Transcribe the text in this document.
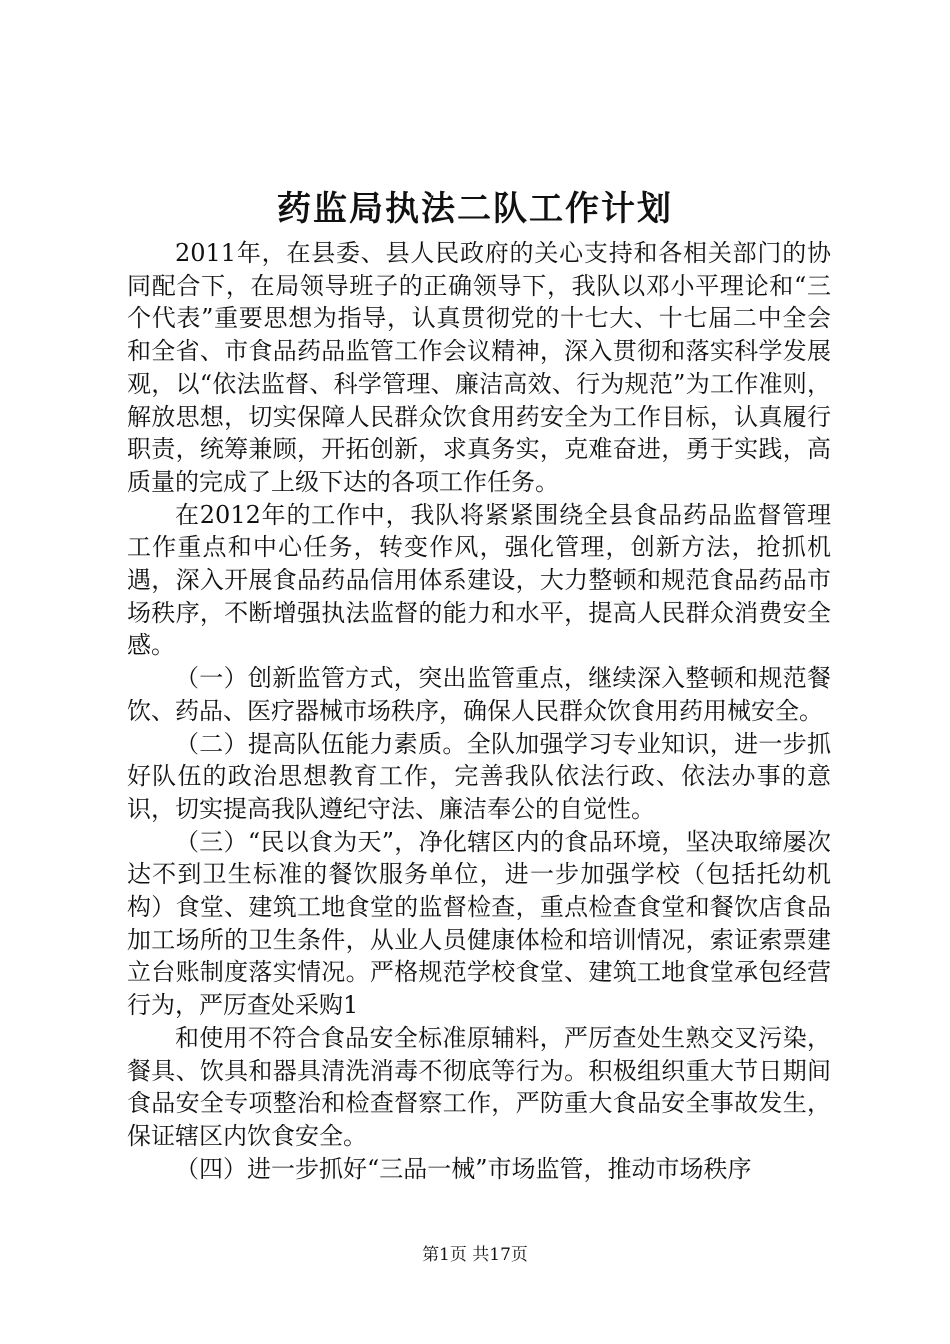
药监局执法二队工作计划

2011年，在县委、县人民政府的关心支持和各相关部门的协同配合下，在局领导班子的正确领导下，我队以邓小平理论和“三个代表”重要思想为指导，认真贯彻党的十七大、十七届二中全会和全省、市食品药品监管工作会议精神，深入贯彻和落实科学发展观，以“依法监督、科学管理、廉洁高效、行为规范”为工作准则，解放思想，切实保障人民群众饮食用药安全为工作目标，认真履行职责，统筹兼顾，开拓创新，求真务实，克难奋进，勇于实践，高质量的完成了上级下达的各项工作任务。

在2012年的工作中，我队将紧紧围绕全县食品药品监督管理工作重点和中心任务，转变作风，强化管理，创新方法，抢抓机遇，深入开展食品药品信用体系建设，大力整顿和规范食品药品市场秩序，不断增强执法监督的能力和水平，提高人民群众消费安全感。

（一）创新监管方式，突出监管重点，继续深入整顿和规范餐饮、药品、医疗器械市场秩序，确保人民群众饮食用药用械安全。

（二）提高队伍能力素质。全队加强学习专业知识，进一步抓好队伍的政治思想教育工作，完善我队依法行政、依法办事的意识，切实提高我队遵纪守法、廉洁奉公的自觉性。

（三）“民以食为天”，净化辖区内的食品环境，坚决取缔屡次达不到卫生标准的餐饮服务单位，进一步加强学校（包括托幼机构）食堂、建筑工地食堂的监督检查，重点检查食堂和餐饮店食品加工场所的卫生条件，从业人员健康体检和培训情况，索证索票建立台账制度落实情况。严格规范学校食堂、建筑工地食堂承包经营行为，严厉查处采购1

和使用不符合食品安全标准原辅料，严厉查处生熟交叉污染，餐具、饮具和器具清洗消毒不彻底等行为。积极组织重大节日期间食品安全专项整治和检查督察工作，严防重大食品安全事故发生，保证辖区内饮食安全。

（四）进一步抓好“三品一械”市场监管，推动市场秩序

第1页 共17页
